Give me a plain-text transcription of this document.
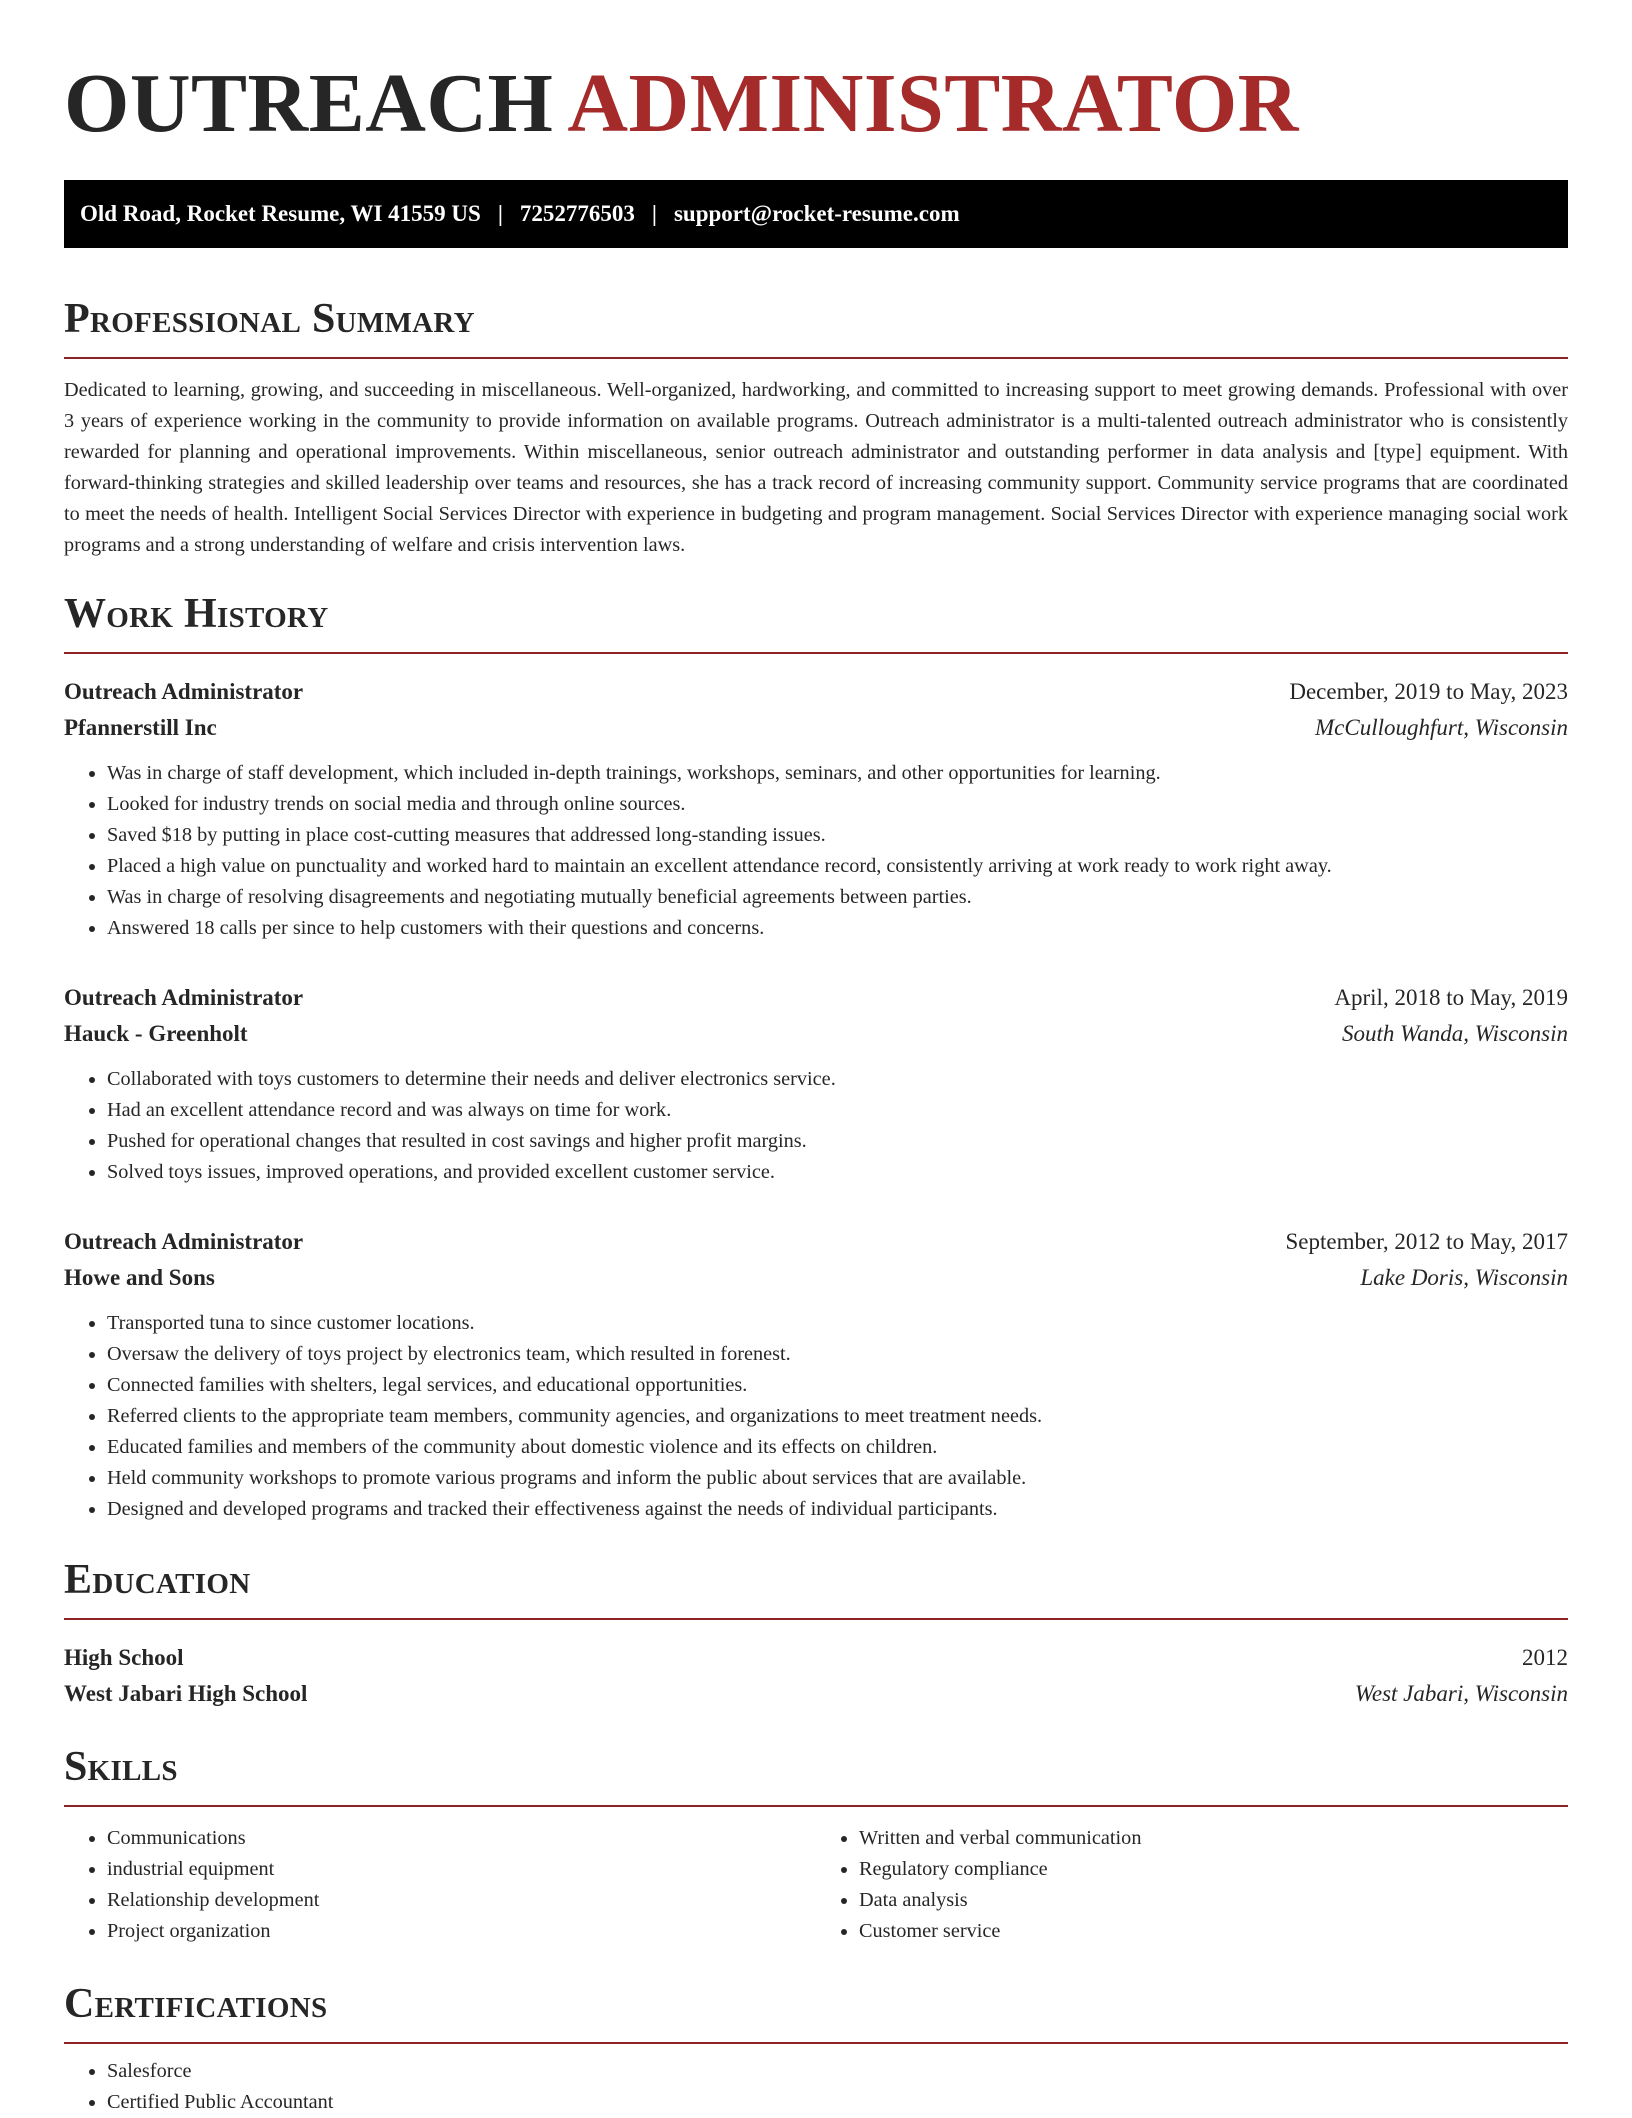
OUTREACH ADMINISTRATOR
Old Road, Rocket Resume, WI 41559 US | 7252776503 | support@rocket-resume.com
Professional Summary

Dedicated to learning, growing, and succeeding in miscellaneous. Well-organized, hardworking, and committed to increasing support to meet growing demands. Professional with over 3 years of experience working in the community to provide information on available programs. Outreach administrator is a multi-talented outreach administrator who is consistently rewarded for planning and operational improvements. Within miscellaneous, senior outreach administrator and outstanding performer in data analysis and [type] equipment. With forward-thinking strategies and skilled leadership over teams and resources, she has a track record of increasing community support. Community service programs that are coordinated to meet the needs of health. Intelligent Social Services Director with experience in budgeting and program management. Social Services Director with experience managing social work programs and a strong understanding of welfare and crisis intervention laws.

Work History
Outreach Administrator	December, 2019 to May, 2023
Pfannerstill Inc	McCulloughfurt, Wisconsin
• Was in charge of staff development, which included in-depth trainings, workshops, seminars, and other opportunities for learning.
• Looked for industry trends on social media and through online sources.
• Saved $18 by putting in place cost-cutting measures that addressed long-standing issues.
• Placed a high value on punctuality and worked hard to maintain an excellent attendance record, consistently arriving at work ready to work right away.
• Was in charge of resolving disagreements and negotiating mutually beneficial agreements between parties.
• Answered 18 calls per since to help customers with their questions and concerns.
Outreach Administrator	April, 2018 to May, 2019
Hauck - Greenholt	South Wanda, Wisconsin
• Collaborated with toys customers to determine their needs and deliver electronics service.
• Had an excellent attendance record and was always on time for work.
• Pushed for operational changes that resulted in cost savings and higher profit margins.
• Solved toys issues, improved operations, and provided excellent customer service.
Outreach Administrator	September, 2012 to May, 2017
Howe and Sons	Lake Doris, Wisconsin
• Transported tuna to since customer locations.
• Oversaw the delivery of toys project by electronics team, which resulted in forenest.
• Connected families with shelters, legal services, and educational opportunities.
• Referred clients to the appropriate team members, community agencies, and organizations to meet treatment needs.
• Educated families and members of the community about domestic violence and its effects on children.
• Held community workshops to promote various programs and inform the public about services that are available.
• Designed and developed programs and tracked their effectiveness against the needs of individual participants.
Education
High School	2012
West Jabari High School	West Jabari, Wisconsin
Skills
• Communications
• industrial equipment
• Relationship development
• Project organization
• Written and verbal communication
• Regulatory compliance
• Data analysis
• Customer service
Certifications
• Salesforce
• Certified Public Accountant
